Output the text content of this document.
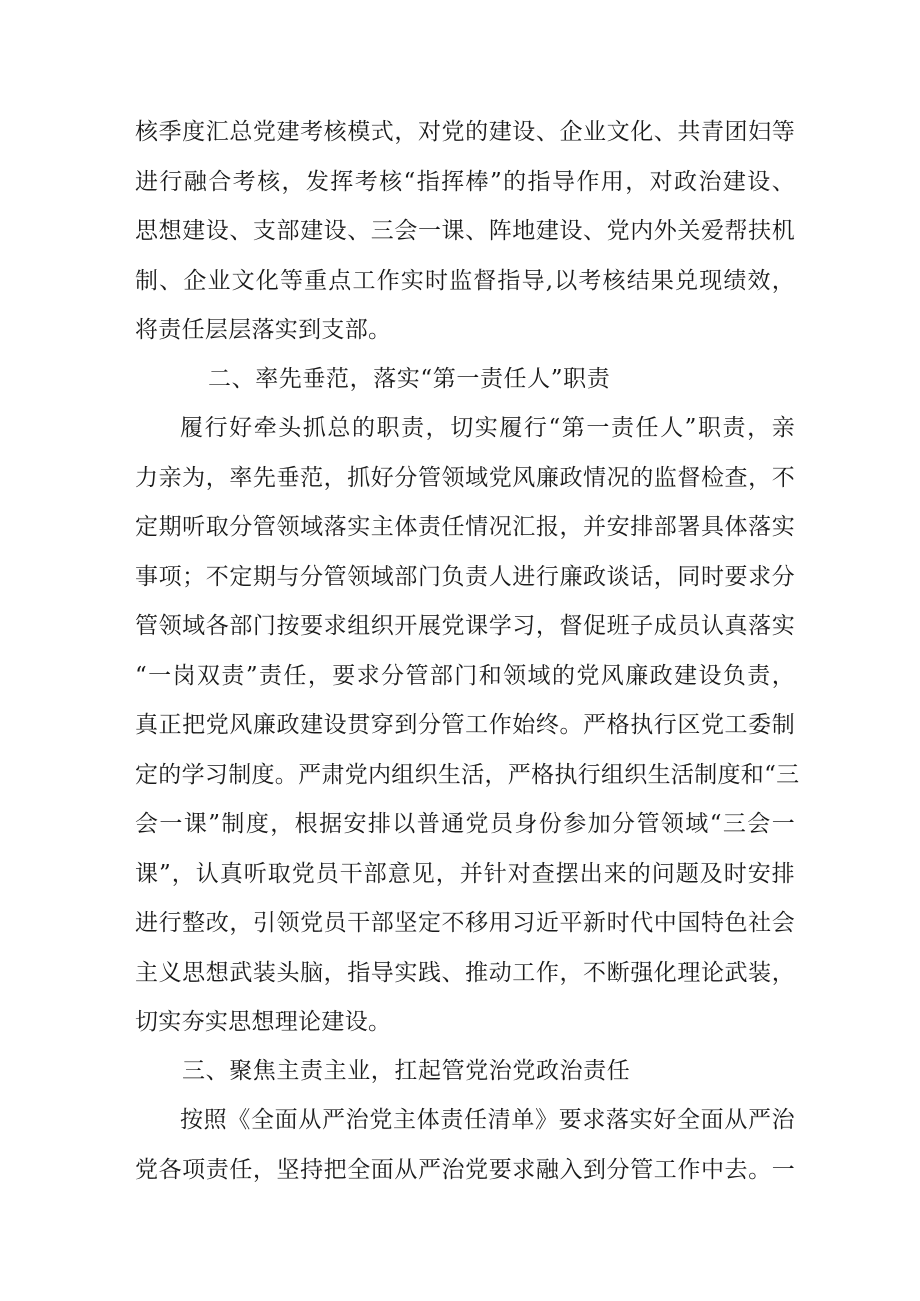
核季度汇总党建考核模式，对党的建设、企业文化、共青团妇等
进行融合考核，发挥考核“指挥棒”的指导作用，对政治建设、
思想建设、支部建设、三会一课、阵地建设、党内外关爱帮扶机
制、企业文化等重点工作实时监督指导,以考核结果兑现绩效，
将责任层层落实到支部。
二、率先垂范，落实“第一责任人”职责
履行好牵头抓总的职责，切实履行“第一责任人”职责，亲
力亲为，率先垂范，抓好分管领域党风廉政情况的监督检查，不
定期听取分管领域落实主体责任情况汇报，并安排部署具体落实
事项；不定期与分管领域部门负责人进行廉政谈话，同时要求分
管领域各部门按要求组织开展党课学习，督促班子成员认真落实
“一岗双责”责任，要求分管部门和领域的党风廉政建设负责，
真正把党风廉政建设贯穿到分管工作始终。严格执行区党工委制
定的学习制度。严肃党内组织生活，严格执行组织生活制度和“三
会一课”制度，根据安排以普通党员身份参加分管领域“三会一
课”，认真听取党员干部意见，并针对查摆出来的问题及时安排
进行整改，引领党员干部坚定不移用习近平新时代中国特色社会
主义思想武装头脑，指导实践、推动工作，不断强化理论武装，
切实夯实思想理论建设。
三、聚焦主责主业，扛起管党治党政治责任
按照《全面从严治党主体责任清单》要求落实好全面从严治
党各项责任，坚持把全面从严治党要求融入到分管工作中去。一
